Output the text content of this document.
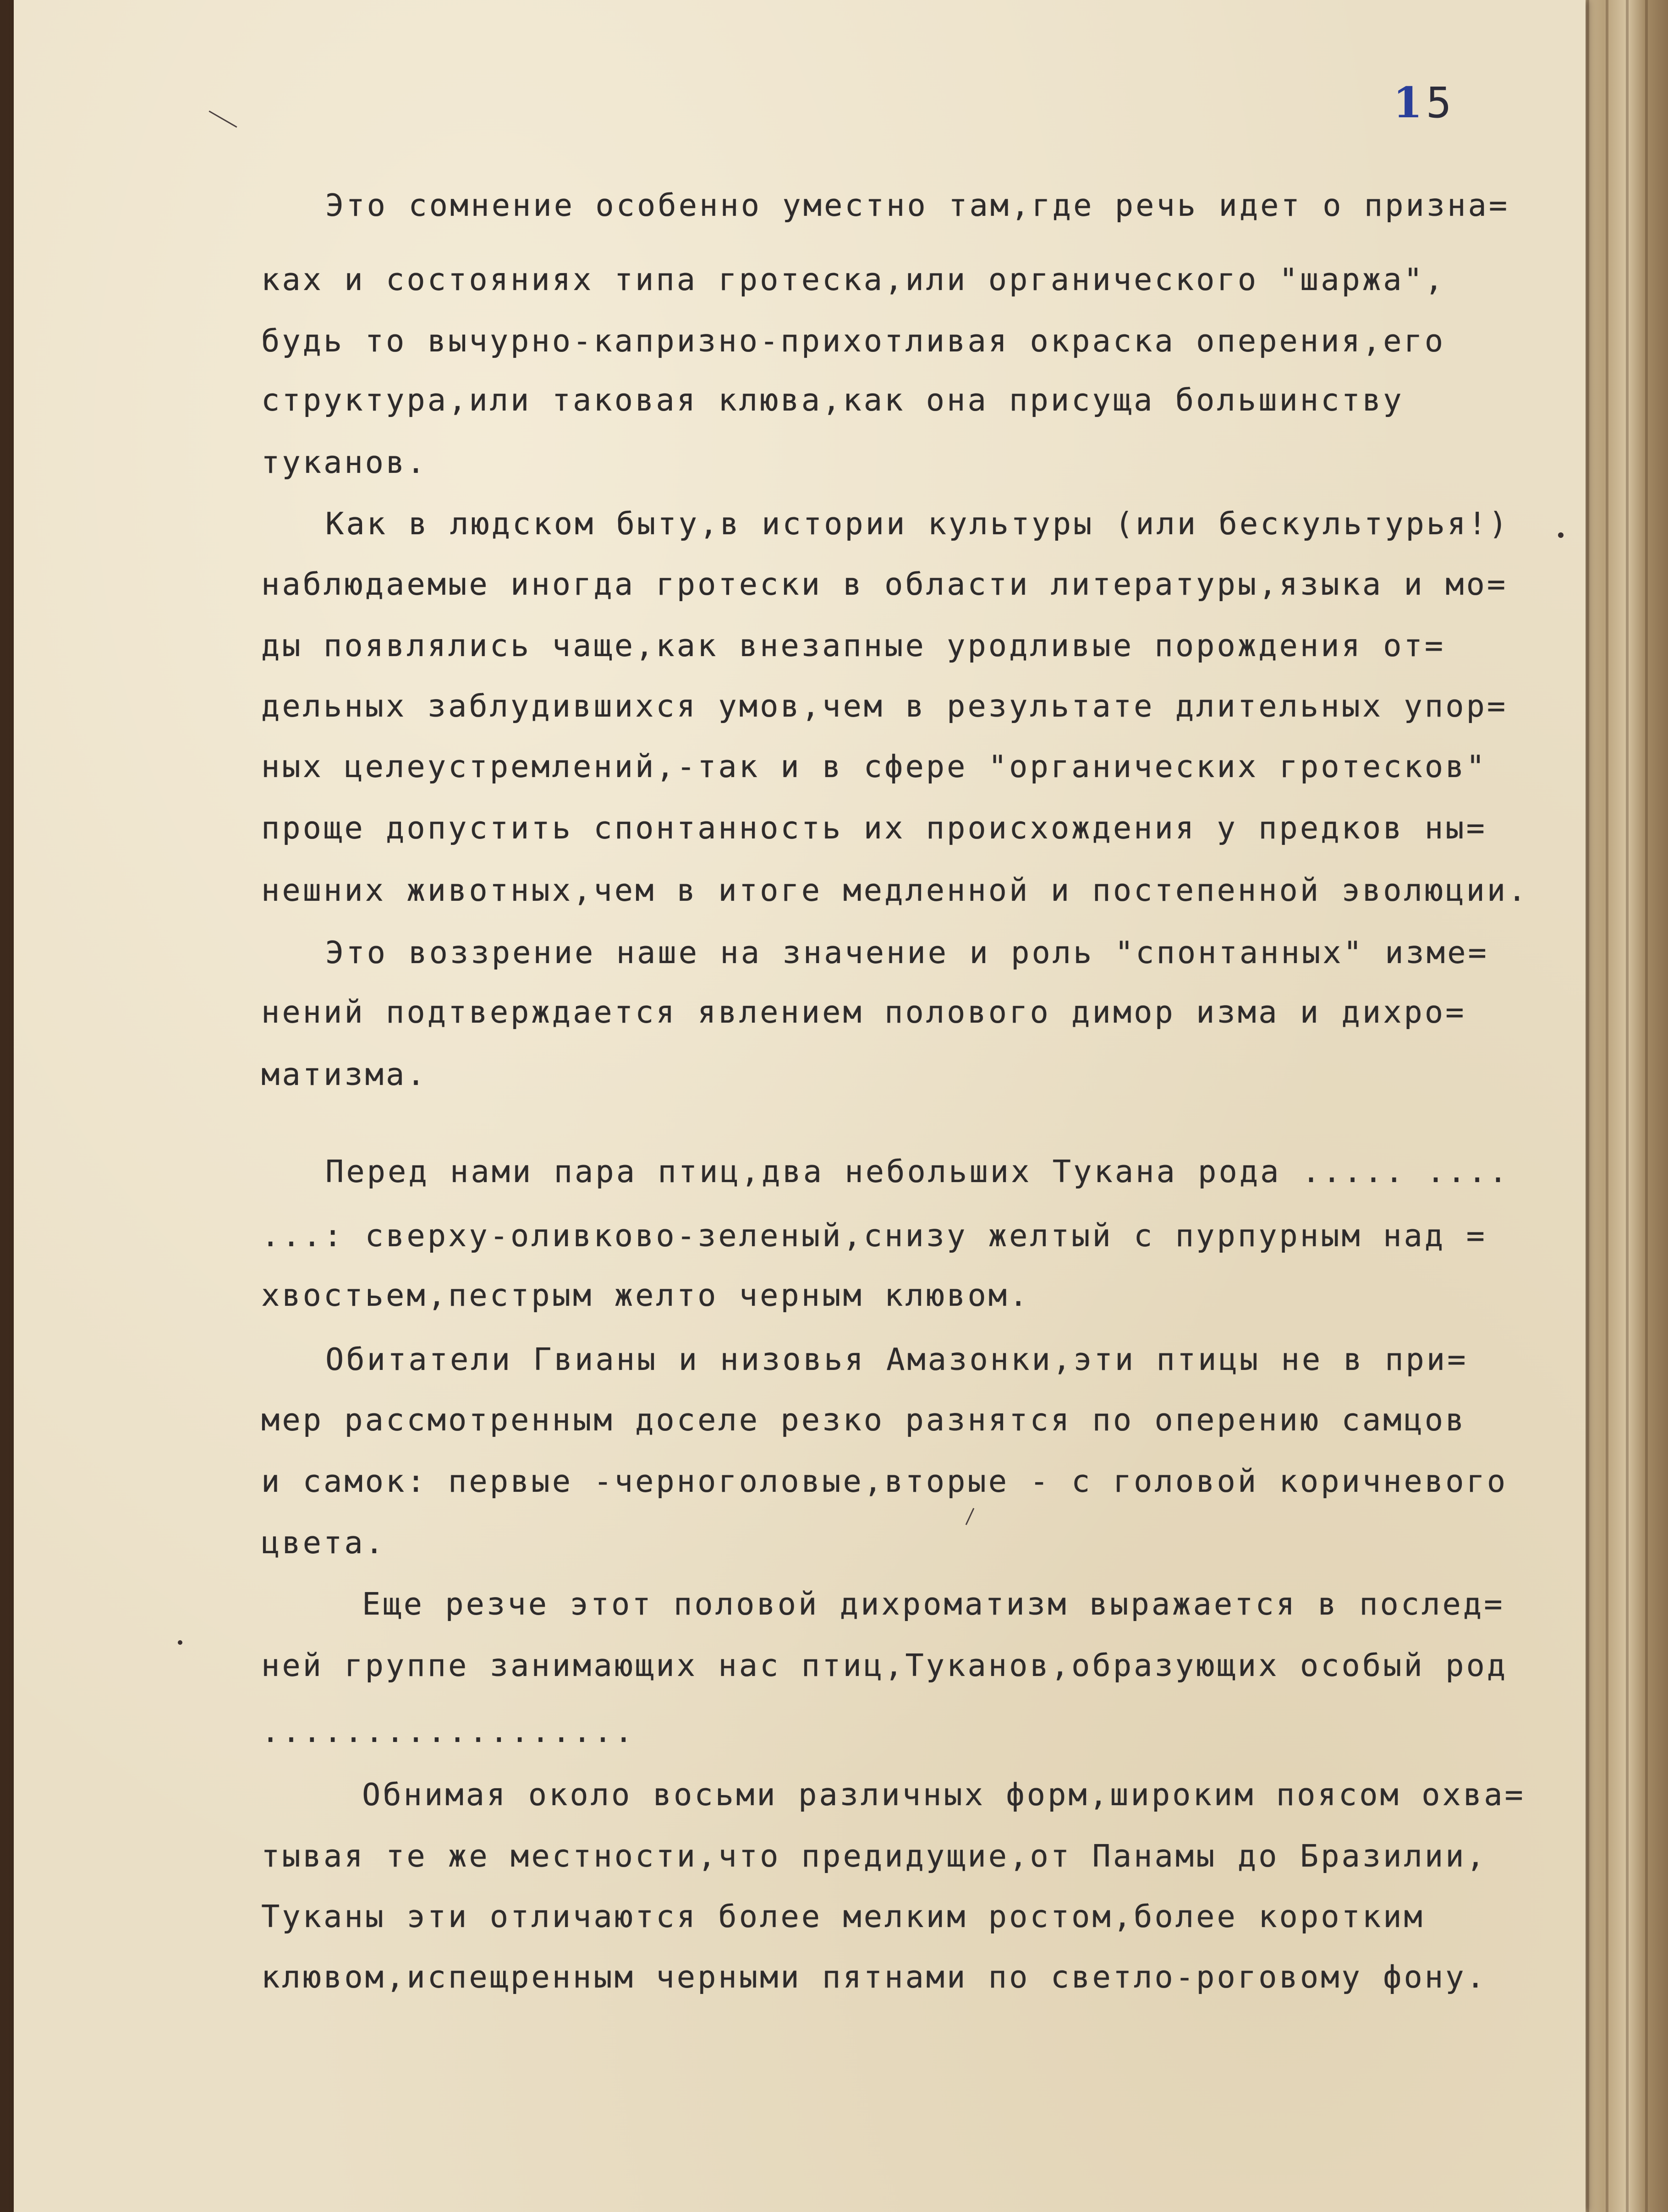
15
Это сомнение особенно уместно там,где речь идет о призна=
ках и состояниях типа гротеска,или органического "шаржа",
будь то вычурно-капризно-прихотливая окраска оперения,его
структура,или таковая клюва,как она присуща большинству
туканов.
Как в людском быту,в истории культуры (или бескультурья!)
наблюдаемые иногда гротески в области литературы,языка и мо=
ды появлялись чаще,как внезапные уродливые порождения от=
дельных заблудившихся умов,чем в результате длительных упор=
ных целеустремлений,-так и в сфере "органических гротесков"
проще допустить спонтанность их происхождения у предков ны=
нешних животных,чем в итоге медленной и постепенной эволюции.
Это воззрение наше на значение и роль "спонтанных" изме=
нений подтверждается явлением полового димор изма и дихро=
матизма.
Перед нами пара птиц,два небольших Тукана рода ..... ....
...: сверху-оливково-зеленый,снизу желтый с пурпурным над =
хвостьем,пестрым желто черным клювом.
Обитатели Гвианы и низовья Амазонки,эти птицы не в при=
мер рассмотренным доселе резко разнятся по оперению самцов
и самок: первые -черноголовые,вторые - с головой коричневого
цвета.
Еще резче этот половой дихроматизм выражается в послед=
ней группе занимающих нас птиц,Туканов,образующих особый род
..................
Обнимая около восьми различных форм,широким поясом охва=
тывая те же местности,что предидущие,от Панамы до Бразилии,
Туканы эти отличаются более мелким ростом,более коротким
клювом,испещренным черными пятнами по светло-роговому фону.
